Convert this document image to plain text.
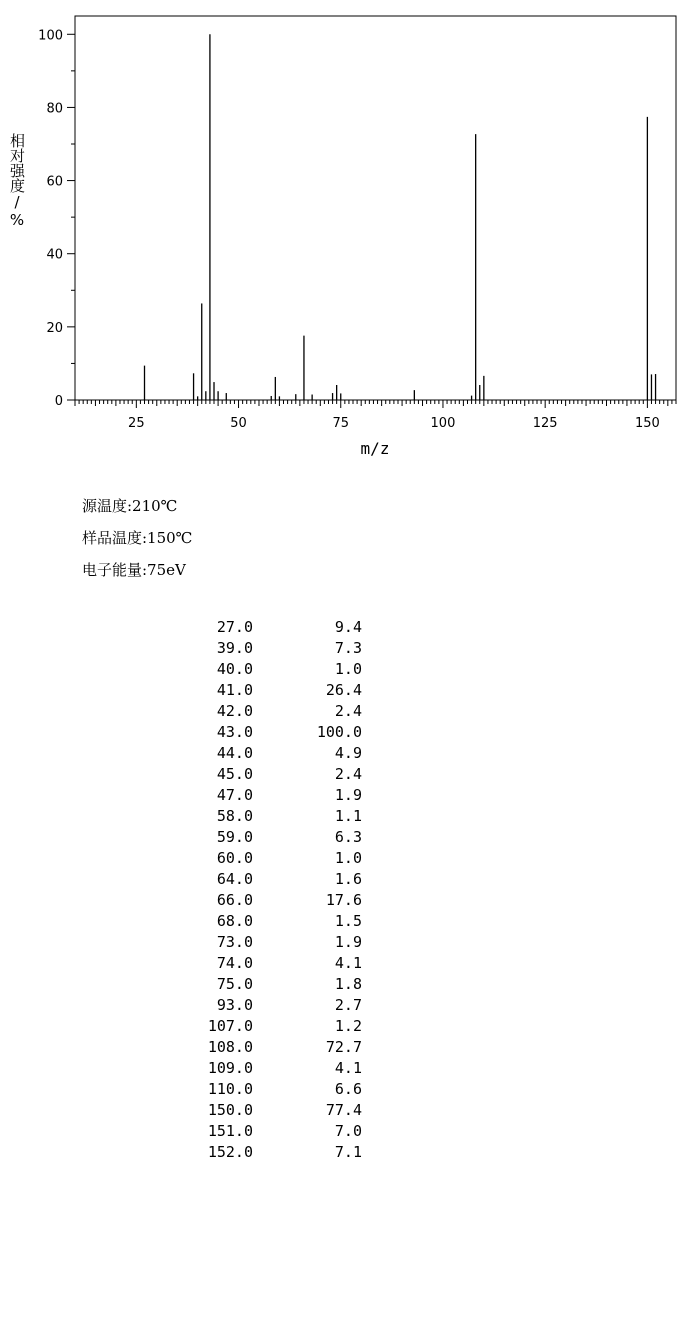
25	50	75	100	125	150
0
20
40
60
80
100
m/z
相对强度/%
源温度:210℃
样品温度:150℃
电子能量:75eV
27.0	9.4
39.0	7.3
40.0	1.0
41.0	26.4
42.0	2.4
43.0	100.0
44.0	4.9
45.0	2.4
47.0	1.9
58.0	1.1
59.0	6.3
60.0	1.0
64.0	1.6
66.0	17.6
68.0	1.5
73.0	1.9
74.0	4.1
75.0	1.8
93.0	2.7
107.0	1.2
108.0	72.7
109.0	4.1
110.0	6.6
150.0	77.4
151.0	7.0
152.0	7.1
